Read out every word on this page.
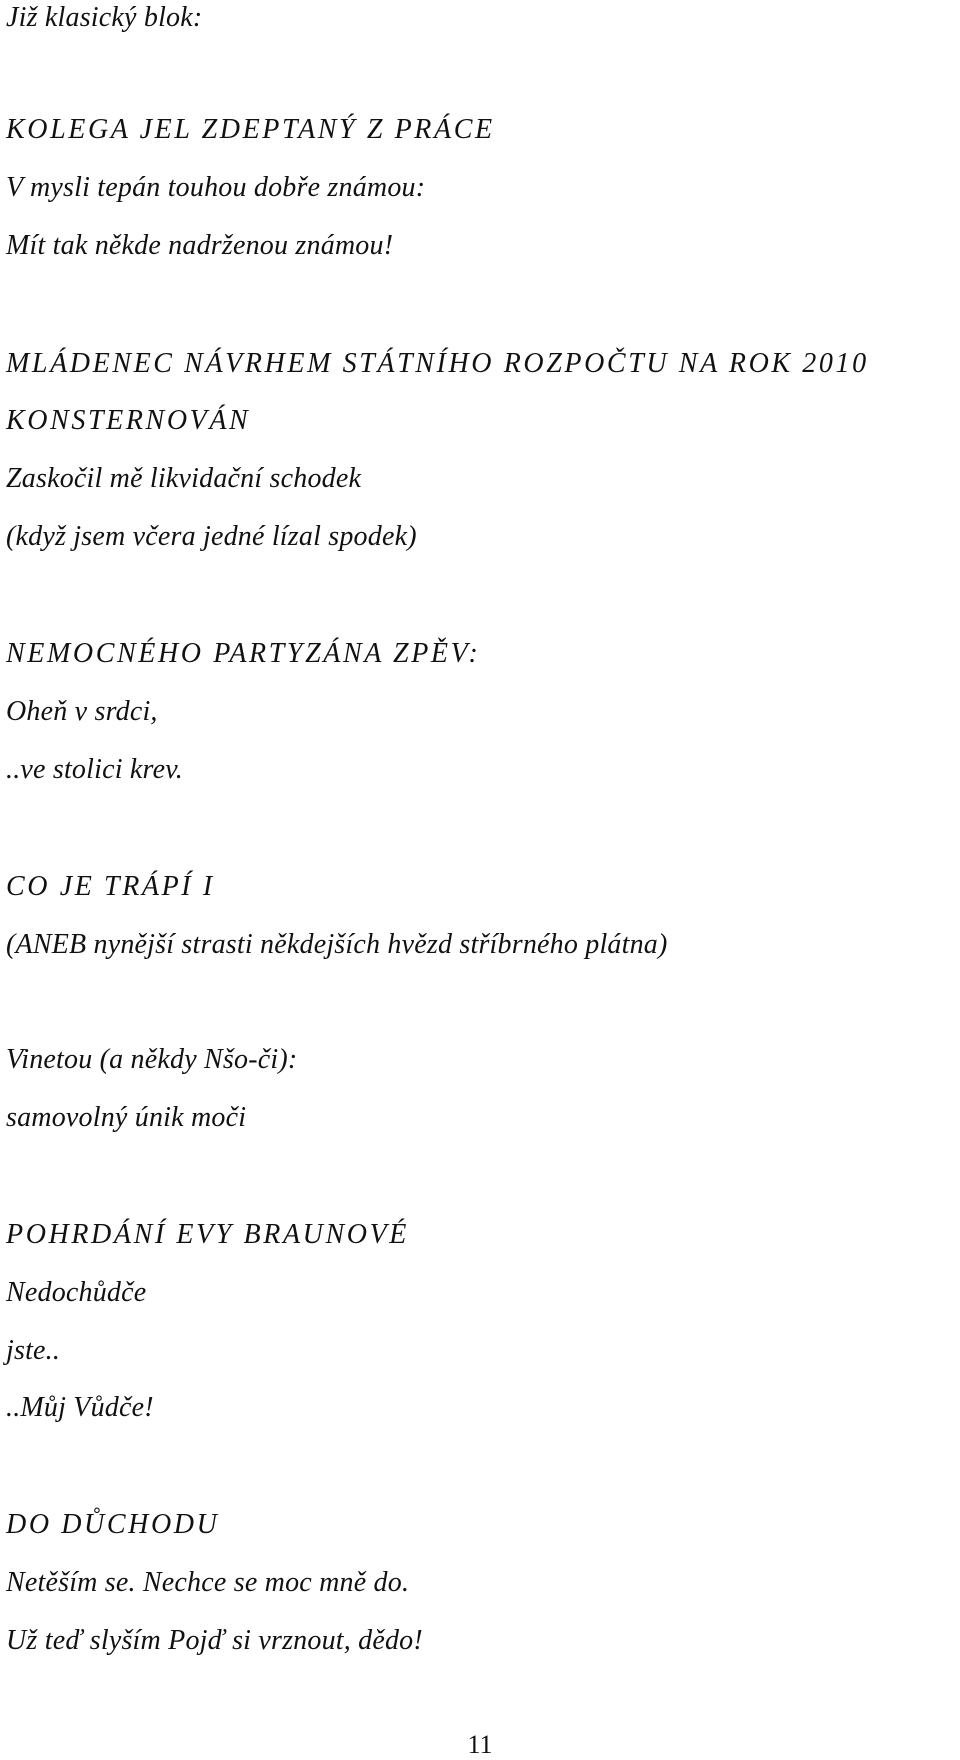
Již klasický blok:
KOLEGA JEL ZDEPTANÝ Z PRÁCE
V mysli tepán touhou dobře známou:
Mít tak někde nadrženou známou!
MLÁDENEC NÁVRHEM STÁTNÍHO ROZPOČTU NA ROK 2010
KONSTERNOVÁN
Zaskočil mě likvidační schodek
(když jsem včera jedné lízal spodek)
NEMOCNÉHO PARTYZÁNA ZPĚV:
Oheň v srdci,
..ve stolici krev.
CO JE TRÁPÍ I
(ANEB nynější strasti někdejších hvězd stříbrného plátna)
Vinetou (a někdy Nšo-či):
samovolný únik moči
POHRDÁNÍ EVY BRAUNOVÉ
Nedochůdče
jste..
..Můj Vůdče!
DO DŮCHODU
Netěším se. Nechce se moc mně do.
Už teď slyším Pojď si vrznout, dědo!
11
